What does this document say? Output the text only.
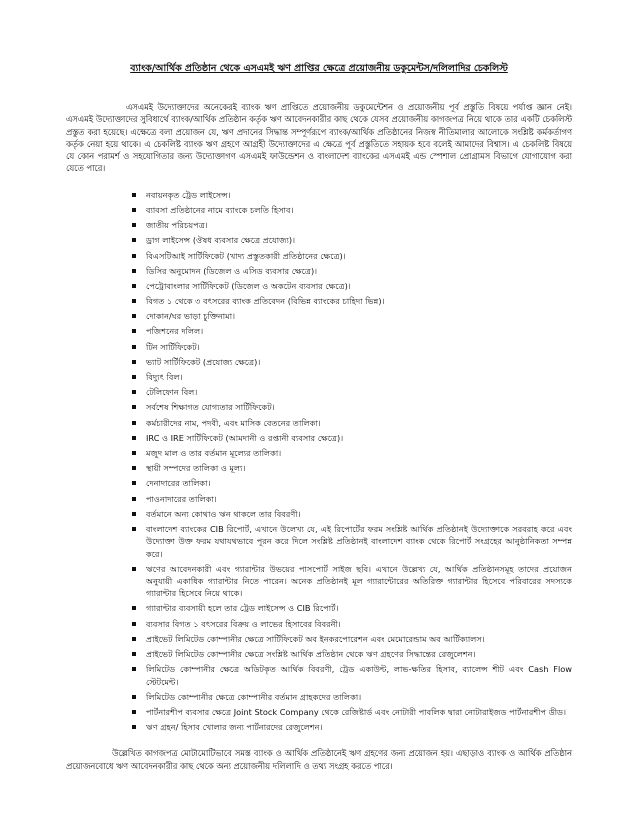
ব্যাংক/আর্থিক প্রতিষ্ঠান থেকে এসএমই ঋণ প্রাপ্তির ক্ষেত্রে প্রয়োজনীয় ডকুমেন্টস/দলিলাদির চেকলিস্ট

এসএমই উদ্যোক্তাদের অনেকেরই ব্যাংক ঋণ প্রাপ্তিতে প্রয়োজনীয় ডকুমেন্টেশন ও প্রয়োজনীয় পূর্ব প্রস্তুতি বিষয়ে পর্যাপ্ত জ্ঞান নেই। এসএমই উদ্যোক্তাদের সুবিধার্থে ব্যাংক/আর্থিক প্রতিষ্ঠান কর্তৃক ঋণ আবেদনকারীর কাছ থেকে যেসব প্রয়োজনীয় কাগজপত্র নিয়ে থাকে তার একটি চেকলিস্ট প্রস্তুত করা হয়েছে। এক্ষেত্রে বলা প্রয়োজন যে, ঋণ প্রদানের সিদ্ধান্ত সম্পূর্ণরূপে ব্যাংক/আর্থিক প্রতিষ্ঠানের নিজস্ব নীতিমালার আলোকে সংশ্লিষ্ট কর্মকর্তাগণ কর্তৃক নেয়া হয়ে থাকে। এ চেকলিষ্ট ব্যাংক ঋণ গ্রহণে আগ্রহী উদ্যোক্তাদের এ ক্ষেত্রে পূর্ব প্রস্তুতিতে সহায়ক হবে বলেই আমাদের বিশ্বাস। এ চেকলিষ্ট বিষয়ে যে কোন পরামর্শ ও সহযোগিতার জন্য উদ্যোক্তাগণ এসএমই ফাউন্ডেশন ও বাংলাদেশ ব্যাংকের এসএমই এন্ড স্পেশাল প্রোগ্রামস বিভাগে যোগাযোগ করা যেতে পারে।

নবায়নকৃত ট্রেড লাইসেন্স।
ব্যাবসা প্রতিষ্ঠানের নামে ব্যাংকে চলতি হিসাব।
জাতীয় পরিচয়পত্র।
ড্রাগ লাইসেন্স (ঔষধ ব্যবসার ক্ষেত্রে প্রযোজ্য)।
বিএসটিআই সার্টিফিকেট (খাদ্য প্রস্তুতকারী প্রতিষ্ঠানের ক্ষেত্রে)।
ডিসির অনুমোদন (ডিজেল ও এসিড ব্যবসার ক্ষেত্রে)।
পেট্রোবাংলার সার্টিফিকেট (ডিজেল ও অকটেন ব্যবসার ক্ষেত্রে)।
বিগত ১ থেকে ৩ বৎসরের ব্যাংক প্রতিবেদন (বিভিন্ন ব্যাংকের চাহিদা ভিন্ন)।
দোকান/ঘর ভাড়া চুক্তিনামা।
পজিশনের দলিল।
টিন সার্টিফিকেট।
ভ্যাট সার্টিফিকেট (প্রযোজ্য ক্ষেত্রে)।
বিদ্যুৎ বিল।
টেলিফোন বিল।
সর্বশেষ শিক্ষাগত যোগ্যতার সার্টিফিকেট।
কর্মচারীদের নাম, পদবী, এবং মাসিক বেতনের তালিকা।
IRC ও IRE সার্টিফিকেট (আমদানী ও রপ্তানী ব্যবসার ক্ষেত্রে)।
মজুদ মাল ও তার বর্তমান মূল্যের তালিকা।
স্থায়ী সম্পদের তালিকা ও মূল্য।
দেনাদারের তালিকা।
পাওনাদারের তালিকা।
বর্তমানে অন্য কোথাও ঋন থাকলে তার বিবরণী।
বাংলাদেশ ব্যাংকের CIB রিপোর্ট, এখানে উলেখ্য যে, এই রিপোর্টের ফরম সংশ্লিষ্ট আর্থিক প্রতিষ্ঠানই উদ্যোক্তাকে সরবরাহ করে এবং উদ্যোক্তা উক্ত ফরম যথাযথভাবে পূরন করে দিলে সংশ্লিষ্ট প্রতিষ্ঠানই বাংলাদেশ ব্যাংক থেকে রিপোর্ট সংগ্রহের আনুষ্ঠানিকতা সম্পন্ন করে।
ঋণের আবেদনকারী এবং গ্যারান্টার উভয়ের পাসপোর্ট সাইজ ছবি। এখানে উল্লেখ্য যে, আর্থিক প্রতিষ্ঠানসমূহ তাদের প্রয়োজন অনুযায়ী একাধিক গ্যারান্টার নিতে পারেন। অনেক প্রতিষ্ঠানই মূল গ্যারান্টোরের অতিরিক্ত গ্যারান্টার হিসেবে পরিবারের সদস্যকে গ্যারান্টার হিসেবে নিয়ে থাকে।
গ্যারান্টার ব্যবসায়ী হলে তার ট্রেড লাইসেন্স ও CIB রিপোর্ট।
ব্যবসার বিগত ১ বৎসরের বিক্রয় ও লাভের হিসাবের বিবরনী।
প্রাইভেট লিমিটেড কোম্পানীর ক্ষেত্রে সার্টিফিকেট অব ইনকরপোরেশন এবং মেমোরেন্ডাম অব আর্টিক্যালস।
প্রাইভেট লিমিটেড কোম্পানীর ক্ষেত্রে সংশ্লিষ্ট আর্থিক প্রতিষ্ঠান থেকে ঋণ গ্রহণের সিদ্ধান্তের রেজুলেশন।
লিমিটেড কোম্পানীর ক্ষেত্রে অডিটকৃত আর্থিক বিবরণী, ট্রেড একাউন্ট, লাভ-ক্ষতির হিসাব, ব্যালেন্স শীট এবং Cash Flow স্টেটমেন্ট।
লিমিটেড কোম্পানীর ক্ষেত্রে কোম্পানীর বর্তমান গ্রাহকদের তালিকা।
পার্টনারশীপ ব্যবসার ক্ষেত্রে Joint Stock Company থেকে রেজিষ্টার্ড এবং নোটারী পাবলিক দ্বারা নোটারাইজড পার্টনারশীপ ডীড।
ঋণ গ্রহন/ হিসাব খোলার জন্য পার্টনারদের রেজুলেশন।

উল্লেখিত কাগজপত্র মোটামোটিভাবে সমস্ত ব্যাংক ও আর্থিক প্রতিষ্ঠানেই ঋণ গ্রহণের জন্য প্রয়োজন হয়। এছাড়াও ব্যাংক ও আর্থিক প্রতিষ্ঠান প্রয়োজনবোধে ঋণ আবেদনকারীর কাছ থেকে অন্য প্রয়োজনীয় দলিলাদি ও তথ্য সংগ্রহ করতে পারে।
